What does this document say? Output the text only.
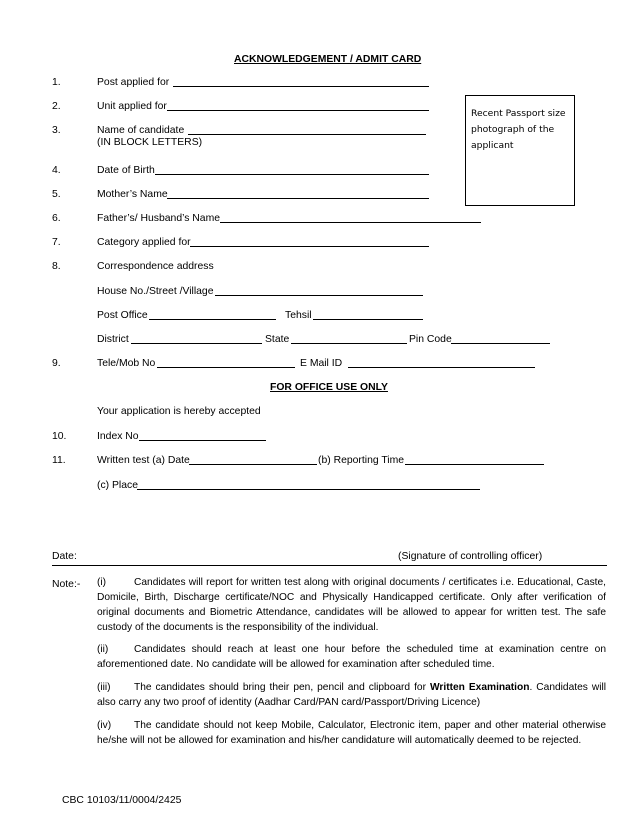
ACKNOWLEDGEMENT / ADMIT CARD
Recent Passport size
photograph of the
applicant
1.	Post applied for
2.	Unit applied for
3.	Name of candidate
(IN BLOCK LETTERS)
4.	Date of Birth
5.	Mother’s Name
6.	Father’s/ Husband’s Name
7.	Category applied for
8.	Correspondence address
House No./Street /Village
Post Office	Tehsil
District	State	Pin Code
9.	Tele/Mob No	E Mail ID
FOR OFFICE USE ONLY
Your application is hereby accepted
10.	Index No
11.	Written test (a) Date	(b) Reporting Time
(c) Place
Date:	(Signature of controlling officer)
Note:- (i)	Candidates will report for written test along with original documents / certificates i.e. Educational, Caste, Domicile, Birth, Discharge certificate/NOC and Physically Handicapped certificate. Only after verification of original documents and Biometric Attendance, candidates will be allowed to appear for written test. The safe custody of the documents is the responsibility of the individual.
(ii)	Candidates should reach at least one hour before the scheduled time at examination centre on aforementioned date. No candidate will be allowed for examination after scheduled time.
(iii) The candidates should bring their pen, pencil and clipboard for Written Examination. Candidates will also carry any two proof of identity (Aadhar Card/PAN card/Passport/Driving Licence)
(iv) The candidate should not keep Mobile, Calculator, Electronic item, paper and other material otherwise he/she will not be allowed for examination and his/her candidature will automatically deemed to be rejected.
CBC 10103/11/0004/2425
